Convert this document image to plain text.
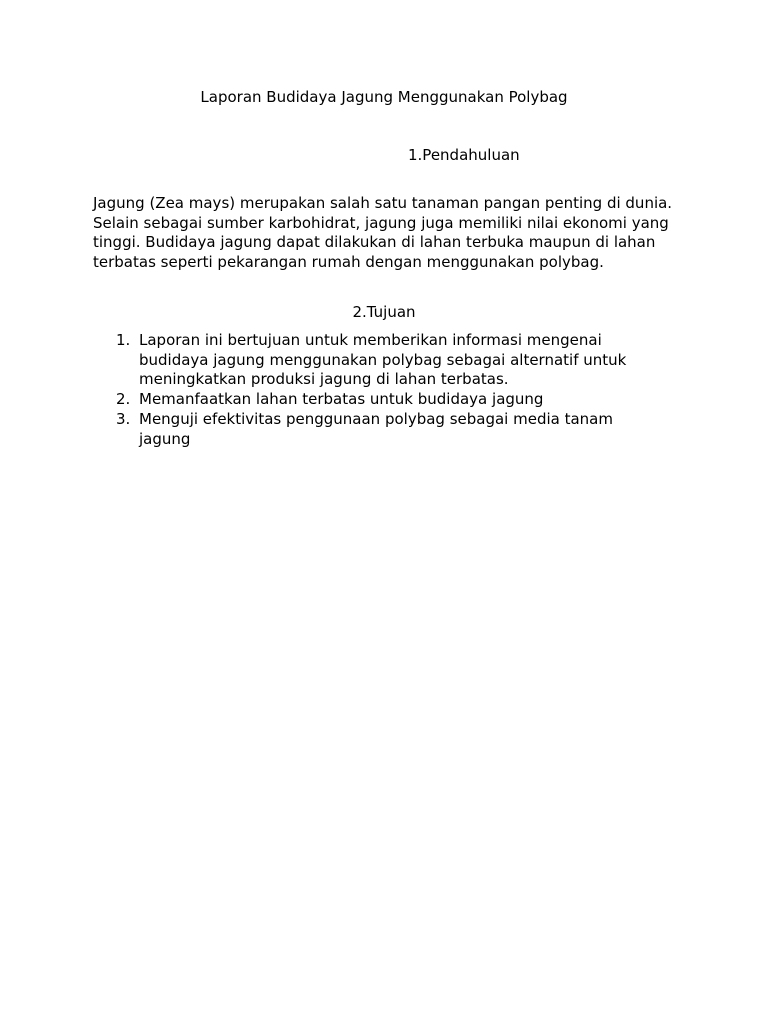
Laporan Budidaya Jagung Menggunakan Polybag
1.Pendahuluan

Jagung (Zea mays) merupakan salah satu tanaman pangan penting di dunia. Selain sebagai sumber karbohidrat, jagung juga memiliki nilai ekonomi yang tinggi. Budidaya jagung dapat dilakukan di lahan terbuka maupun di lahan terbatas seperti pekarangan rumah dengan menggunakan polybag.

2.Tujuan
1. Laporan ini bertujuan untuk memberikan informasi mengenai budidaya jagung menggunakan polybag sebagai alternatif untuk meningkatkan produksi jagung di lahan terbatas.
2. Memanfaatkan lahan terbatas untuk budidaya jagung
3. Menguji efektivitas penggunaan polybag sebagai media tanam jagung
